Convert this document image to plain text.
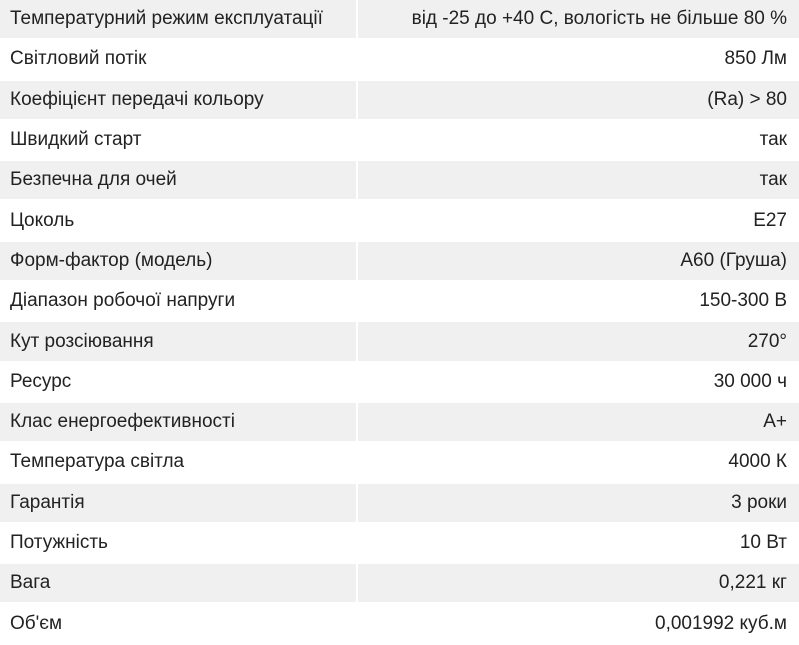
Температурний режим експлуатації	від -25 до +40 C, вологість не більше 80 %
Світловий потік	850 Лм
Коефіцієнт передачі кольору	(Ra) > 80
Швидкий старт	так
Безпечна для очей	так
Цоколь	E27
Форм-фактор (модель)	A60 (Груша)
Діапазон робочої напруги	150-300 В
Кут розсіювання	270°
Ресурс	30 000 ч
Клас енергоефективності	A+
Температура світла	4000 К
Гарантія	3 роки
Потужність	10 Вт
Вага	0,221 кг
Об'єм	0,001992 куб.м
